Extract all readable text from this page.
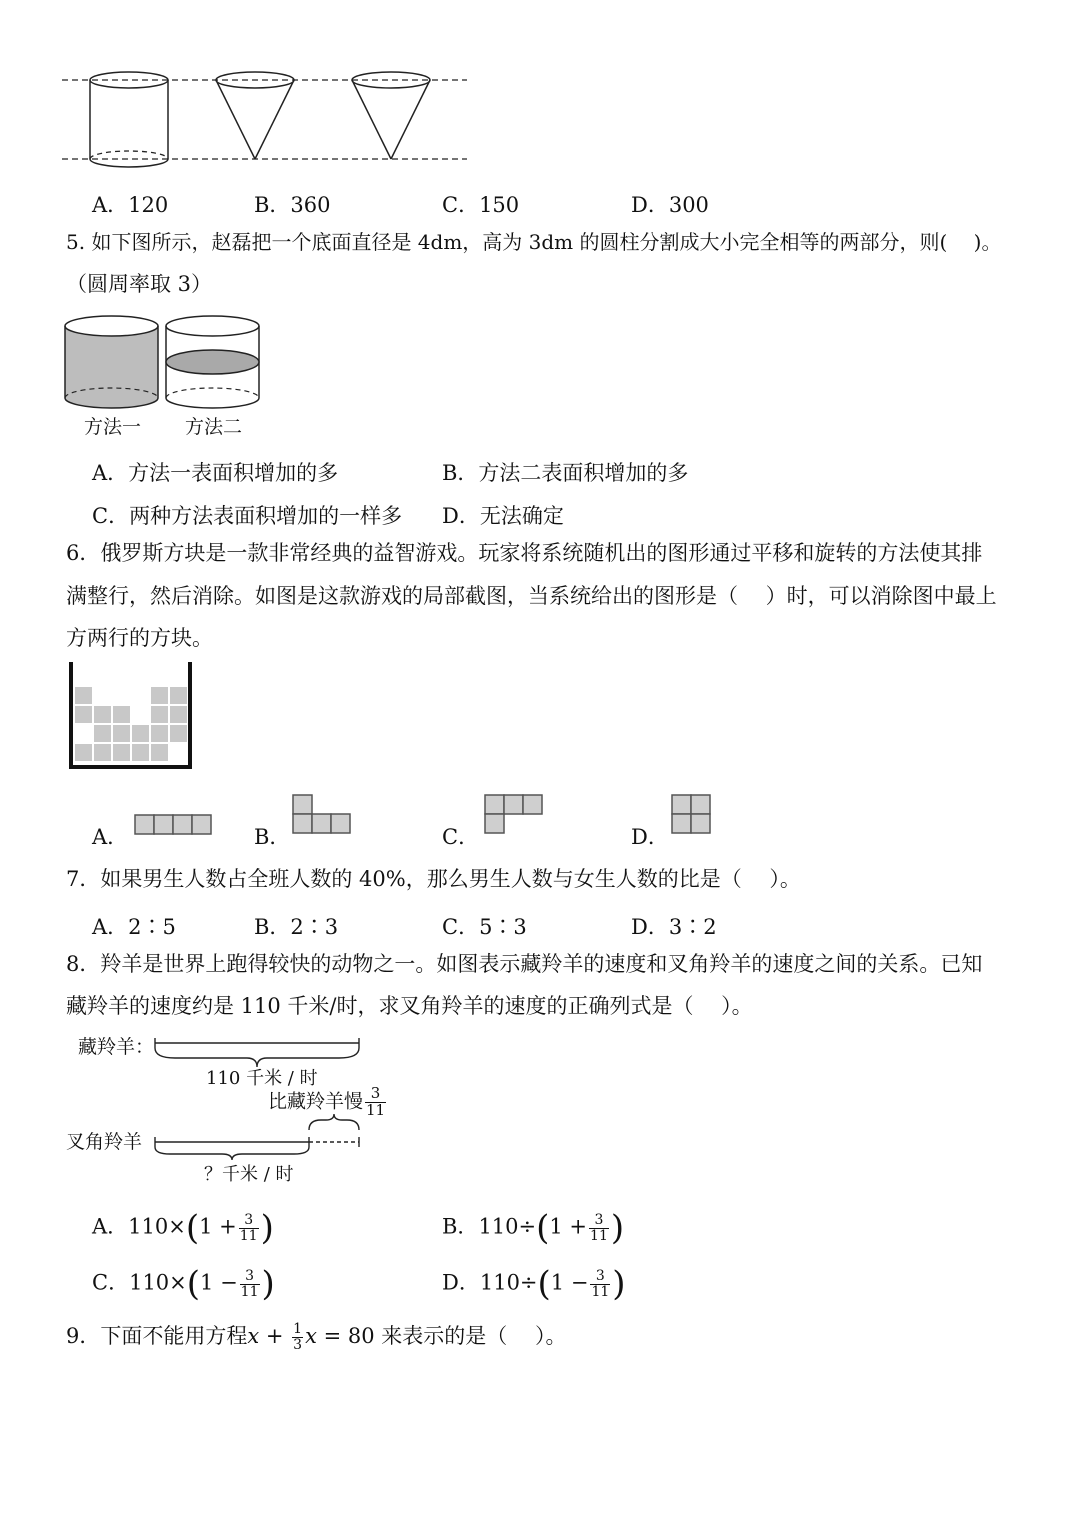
A．120	B．360	C．150	D．300
5. 如下图所示，赵磊把一个底面直径是 4dm，高为 3dm 的圆柱分割成大小完全相等的两部分，则(　 )。
（圆周率取 3）
方法一 方法二
A．方法一表面积增加的多	B．方法二表面积增加的多
C．两种方法表面积增加的一样多 D．无法确定
6．俄罗斯方块是一款非常经典的益智游戏。玩家将系统随机出的图形通过平移和旋转的方法使其排
满整行，然后消除。如图是这款游戏的局部截图，当系统给出的图形是（　 ）时，可以消除图中最上
方两行的方块。
A．	B．	C．	D．
7．如果男生人数占全班人数的 40%，那么男生人数与女生人数的比是（　 ）。
A．2∶5	B．2∶3	C．5∶3	D．3∶2
8．羚羊是世界上跑得较快的动物之一。如图表示藏羚羊的速度和叉角羚羊的速度之间的关系。已知
藏羚羊的速度约是 110 千米/时，求叉角羚羊的速度的正确列式是（　 ）。
藏羚羊：
110 千米 / 时
比藏羚羊慢 $\frac{3}{11}$
叉角羚羊
？千米 / 时
A．$110\times(1 + \frac{3}{11}$ )	B．$110\div(1 + \frac{3}{11}$ )
C．$110\times(1 - \frac{3}{11}$ )	D．$110\div(1 - \frac{3}{11}$ )
9．下面不能用方程$x + \frac{1}{3}$ x = 80 来表示的是（　 ）。
